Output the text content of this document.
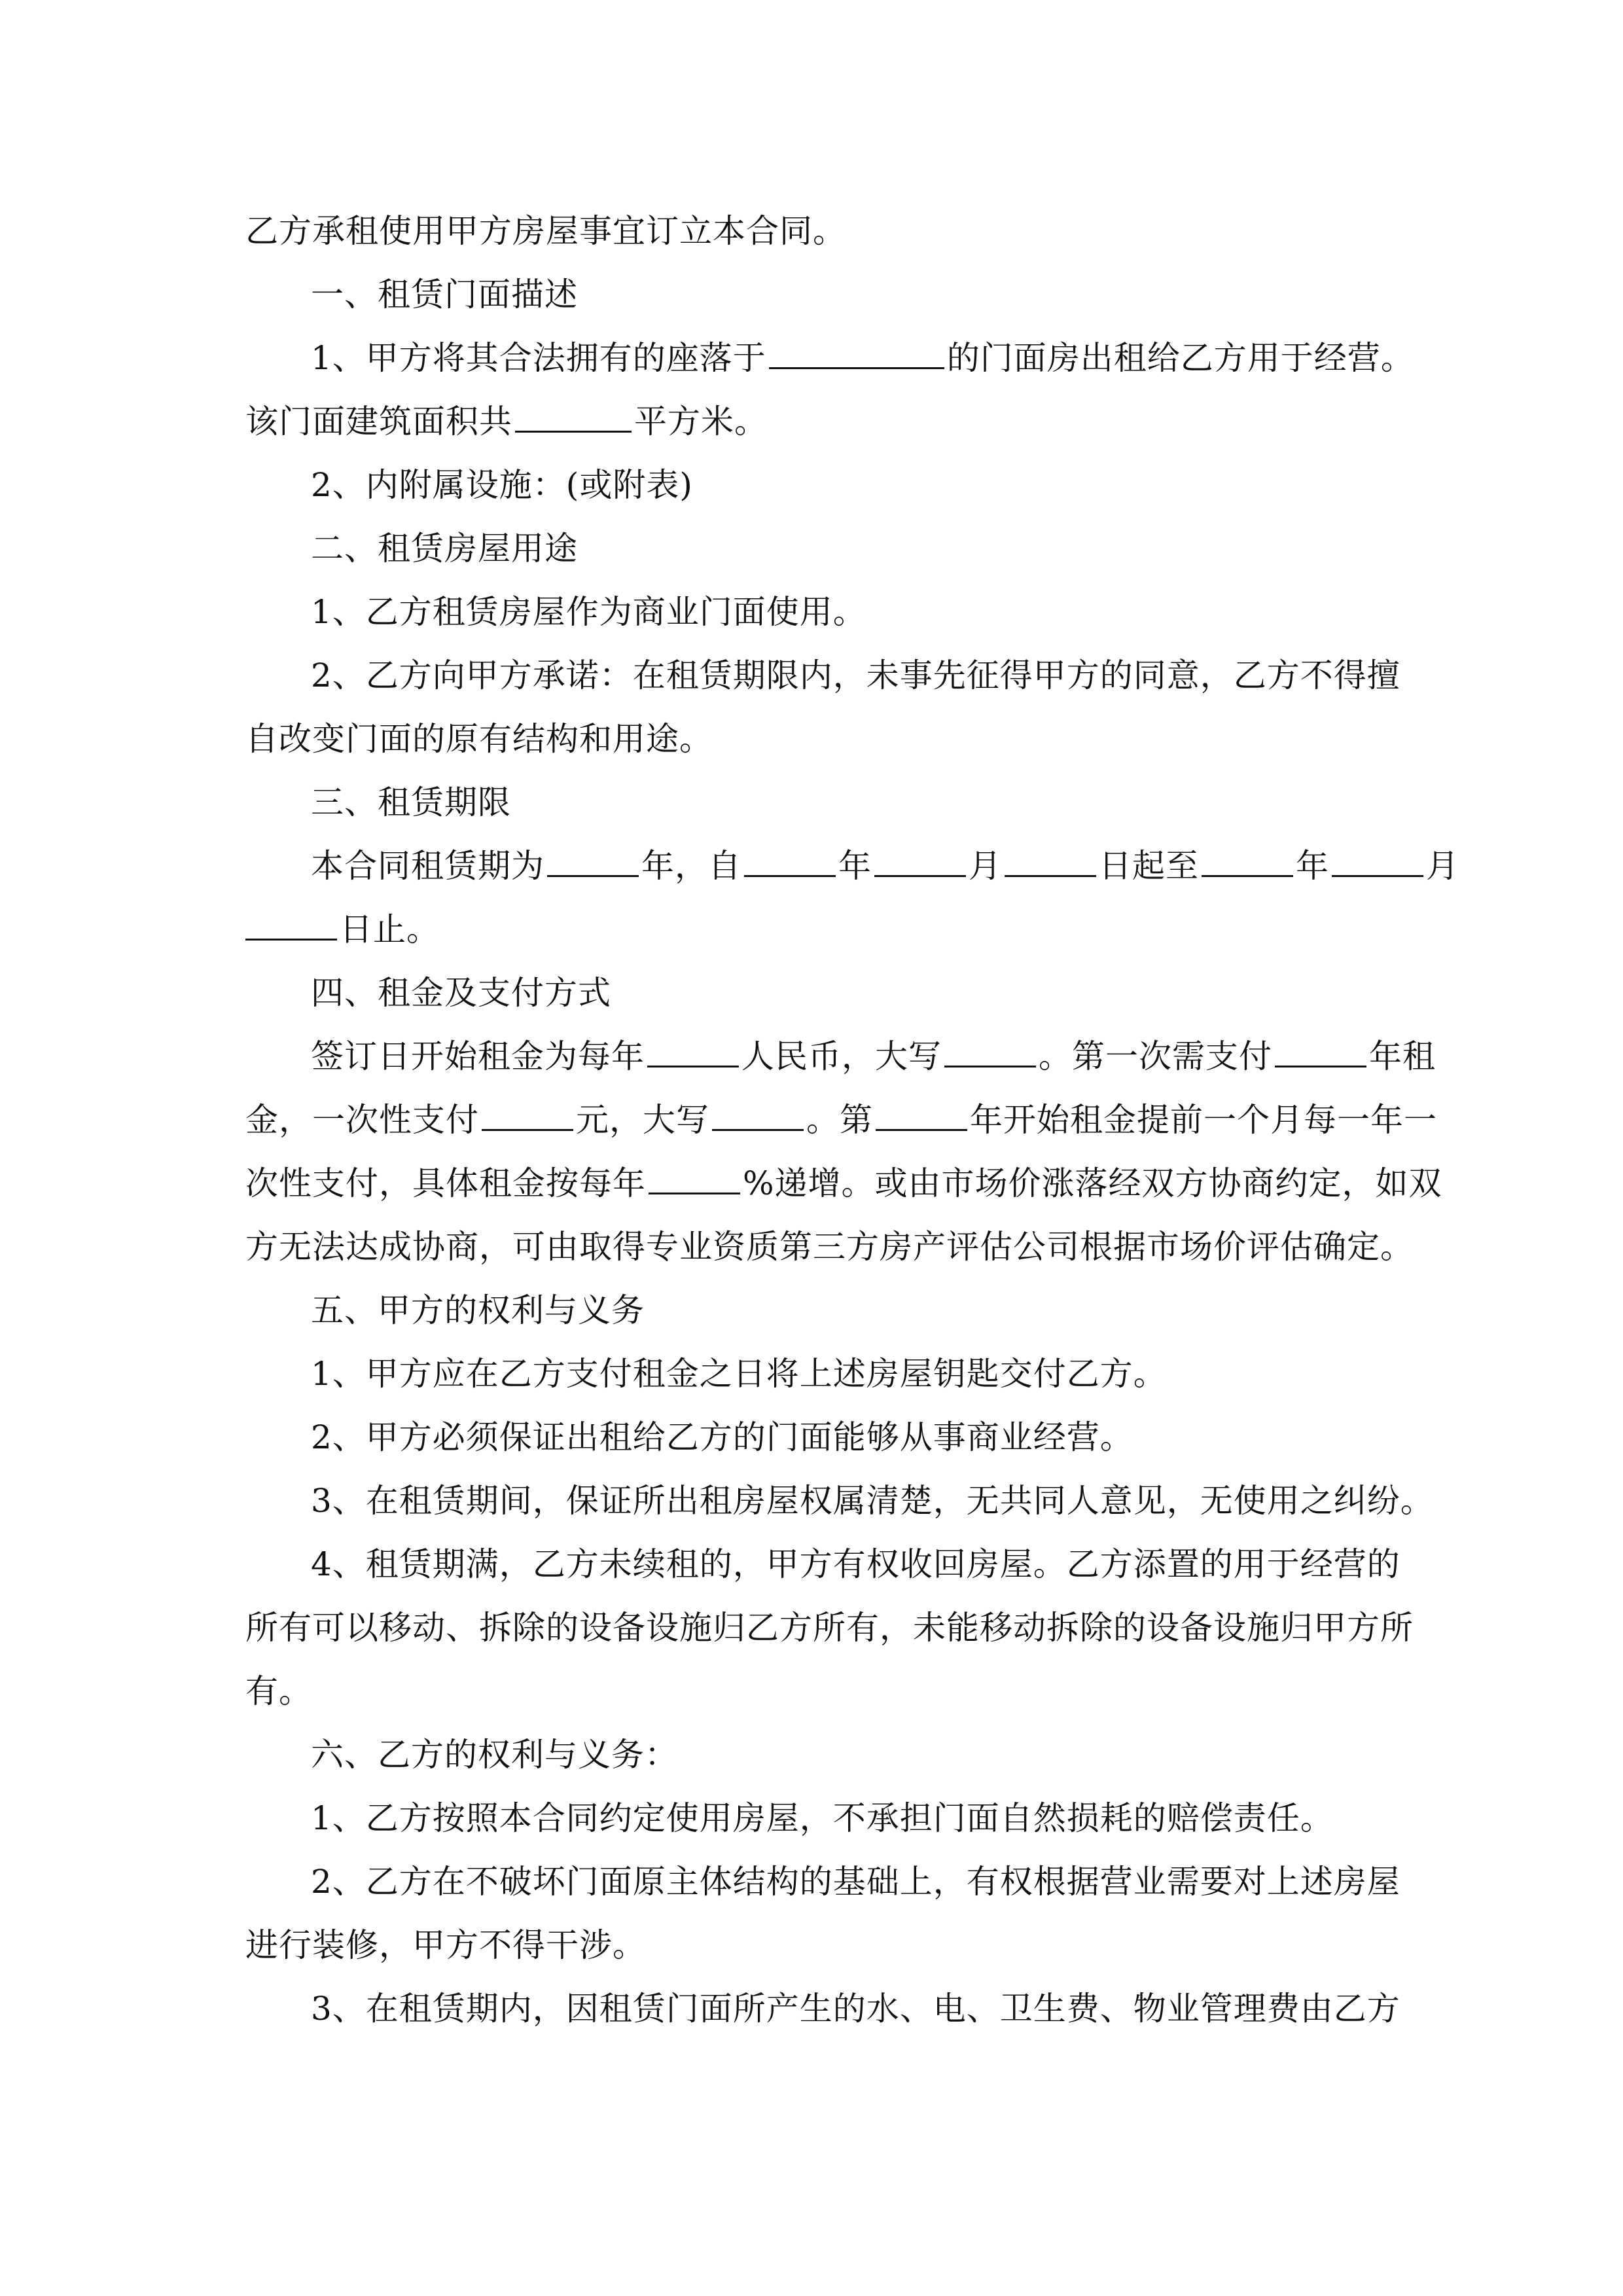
乙方承租使用甲方房屋事宜订立本合同。

一、租赁门面描述

1、甲方将其合法拥有的座落于	的门面房出租给乙方用于经营。

该门面建筑面积共	平方米。

2、内附属设施：(或附表)

二、租赁房屋用途

1、乙方租赁房屋作为商业门面使用。

2、乙方向甲方承诺：在租赁期限内，未事先征得甲方的同意，乙方不得擅

自改变门面的原有结构和用途。

三、租赁期限

本合同租赁期为	年，自	年	月	日起至	年	月

日止。

四、租金及支付方式

签订日开始租金为每年	人民币，大写	。第一次需支付	年租

金，一次性支付	元，大写	。第	年开始租金提前一个月每一年一

次性支付，具体租金按每年	%递增。或由市场价涨落经双方协商约定，如双

方无法达成协商，可由取得专业资质第三方房产评估公司根据市场价评估确定。

五、甲方的权利与义务

1、甲方应在乙方支付租金之日将上述房屋钥匙交付乙方。

2、甲方必须保证出租给乙方的门面能够从事商业经营。

3、在租赁期间，保证所出租房屋权属清楚，无共同人意见，无使用之纠纷。

4、租赁期满，乙方未续租的，甲方有权收回房屋。乙方添置的用于经营的

所有可以移动、拆除的设备设施归乙方所有，未能移动拆除的设备设施归甲方所

有。

六、乙方的权利与义务：

1、乙方按照本合同约定使用房屋，不承担门面自然损耗的赔偿责任。

2、乙方在不破坏门面原主体结构的基础上，有权根据营业需要对上述房屋

进行装修，甲方不得干涉。

3、在租赁期内，因租赁门面所产生的水、电、卫生费、物业管理费由乙方
